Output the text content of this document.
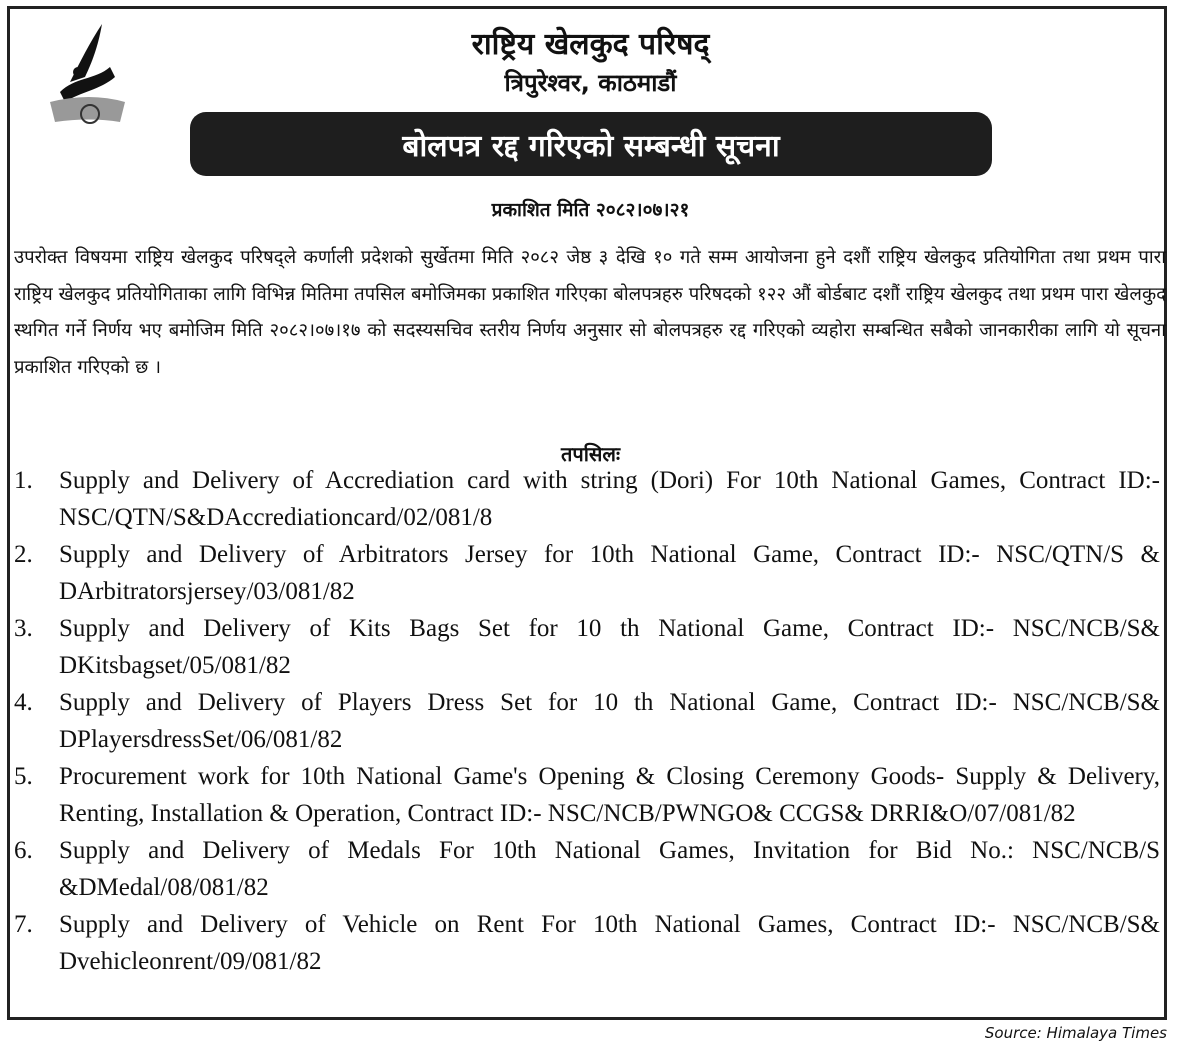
राष्ट्रिय खेलकुद परिषद्
त्रिपुरेश्वर, काठमाडौं
बोलपत्र रद्द गरिएको सम्बन्धी सूचना
प्रकाशित मिति २०८२।०७।२१
उपरोक्त विषयमा राष्ट्रिय खेलकुद परिषद्ले कर्णाली प्रदेशको सुर्खेतमा मिति २०८२ जेष्ठ ३ देखि १० गते सम्म आयोजना हुने दशौं राष्ट्रिय खेलकुद प्रतियोगिता तथा प्रथम पारा राष्ट्रिय खेलकुद प्रतियोगिताका लागि विभिन्न मितिमा तपसिल बमोजिमका प्रकाशित गरिएका बोलपत्रहरु परिषदको १२२ औं बोर्डबाट दशौं राष्ट्रिय खेलकुद तथा प्रथम पारा खेलकुद स्थगित गर्ने निर्णय भए बमोजिम मिति २०८२।०७।१७ को सदस्यसचिव स्तरीय निर्णय अनुसार सो बोलपत्रहरु रद्द गरिएको व्यहोरा सम्बन्धित सबैको जानकारीका लागि यो सूचना प्रकाशित गरिएको छ ।
तपसिलः
1.	Supply and Delivery of Accrediation card with string (Dori) For 10th National Games, Contract ID:- NSC/QTN/S&DAccrediationcard/02/081/8
2.	Supply and Delivery of Arbitrators Jersey for 10th National Game, Contract ID:- NSC/QTN/S & DArbitratorsjersey/03/081/82
3.	Supply and Delivery of Kits Bags Set for 10 th National Game, Contract ID:- NSC/NCB/S& DKitsbagset/05/081/82
4.	Supply and Delivery of Players Dress Set for 10 th National Game, Contract ID:- NSC/NCB/S& DPlayersdressSet/06/081/82
5.	Procurement work for 10th National Game's Opening & Closing Ceremony Goods- Supply & Delivery, Renting, Installation & Operation, Contract ID:- NSC/NCB/PWNGO& CCGS& DRRI&O/07/081/82
6.	Supply and Delivery of Medals For 10th National Games, Invitation for Bid No.: NSC/NCB/S &DMedal/08/081/82
7.	Supply and Delivery of Vehicle on Rent For 10th National Games, Contract ID:- NSC/NCB/S& Dvehicleonrent/09/081/82
Source: Himalaya Times
